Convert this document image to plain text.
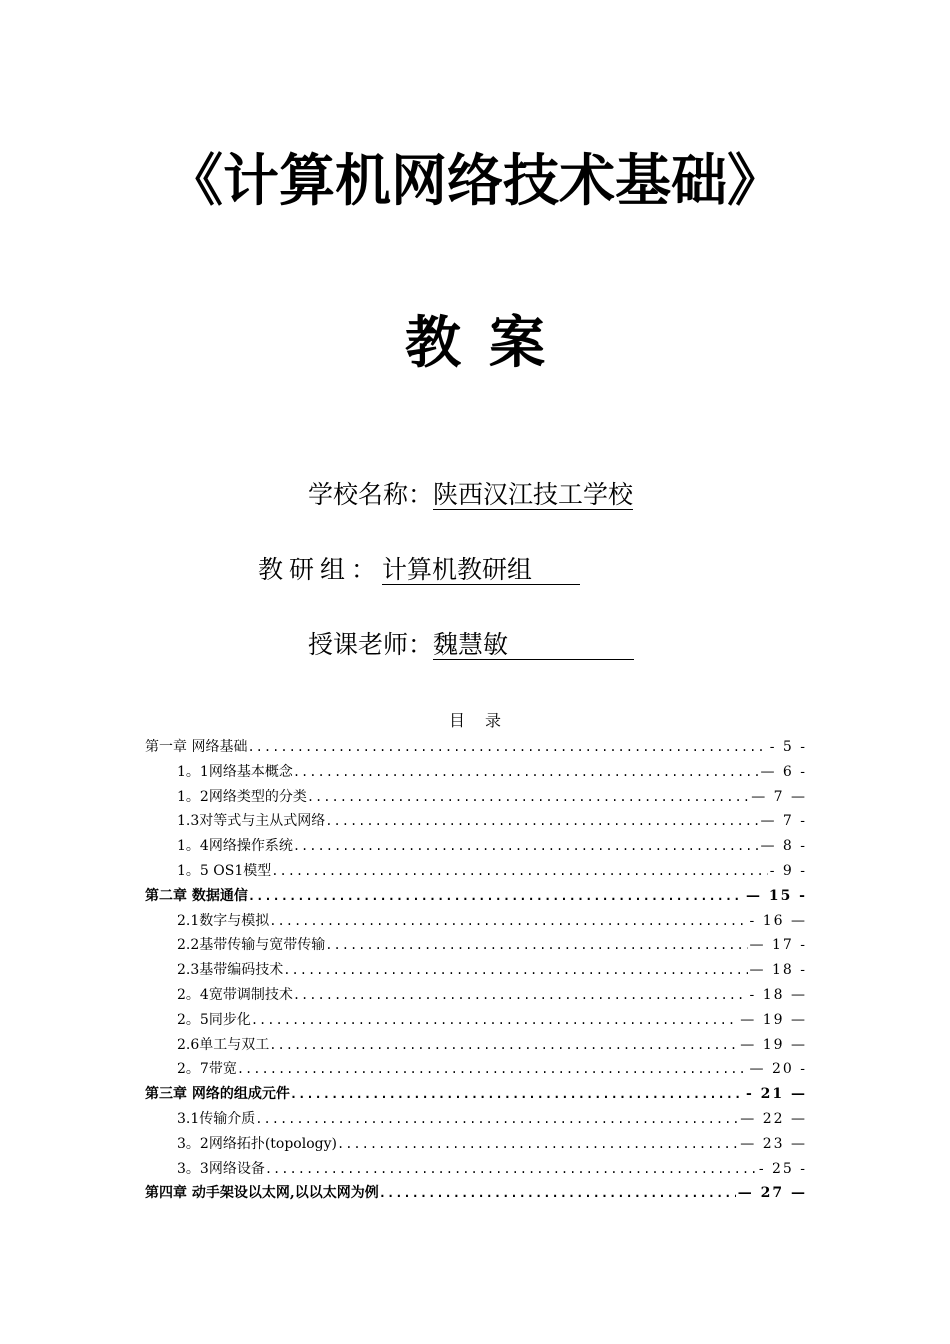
《计算机网络技术基础》
教案
学校名称：陕西汉江技工学校
教研组：计算机教研组
授课老师：魏慧敏
目录
第一章 网络基础 .....	- 5 -
1。1网络基本概念 .....	— 6 -
1。2网络类型的分类 .....	— 7 —
1.3对等式与主从式网络 .....	— 7 -
1。4网络操作系统 .....	— 8 -
1。5 OS1模型 .....	- 9 -
第二章 数据通信 .....	— 15 -
2.1数字与模拟 .....	- 16 —
2.2基带传输与宽带传输 .....	— 17 -
2.3基带编码技术 .....	— 18 -
2。4宽带调制技术 .....	- 18 —
2。5同步化 .....	— 19 —
2.6单工与双工 .....	— 19 —
2。7带宽 .....	— 20 -
第三章 网络的组成元件 .....	- 21 —
3.1传输介质 .....	— 22 —
3。2网络拓扑(topology) .....	— 23 —
3。3网络设备 .....	- 25 -
第四章 动手架设以太网,以以太网为例 .....	— 27 —
